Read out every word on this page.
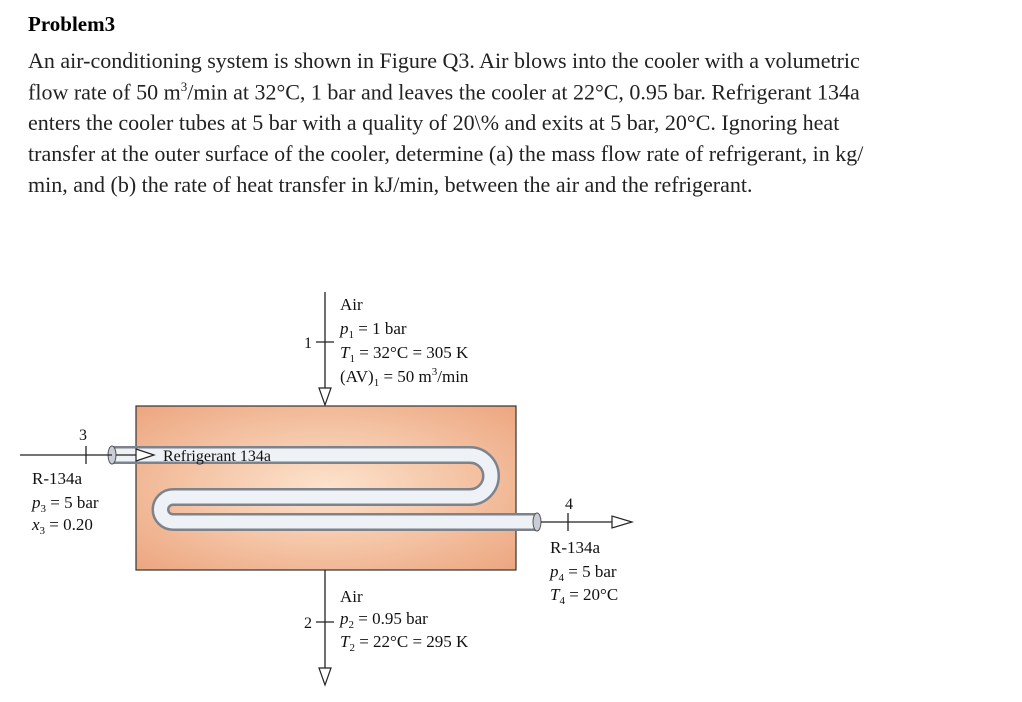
Problem3
An air-conditioning system is shown in Figure Q3. Air blows into the cooler with a volumetric
flow rate of 50 $m^3/\min$ at 32°C, 1 bar and leaves the cooler at 22°C, 0.95 bar. Refrigerant 134a
enters the cooler tubes at 5 bar with a quality of 20\% and exits at 5 bar, 20°C. Ignoring heat
transfer at the outer surface of the cooler, determine (a) the mass flow rate of refrigerant, in kg/
min, and (b) the rate of heat transfer in kJ/min, between the air and the refrigerant.
Refrigerant 134a
1
Air
$p_1 = 1$ bar
$T_1 = 32^\circ C = 305$ K
$(AV)_1 = 50$ $m^3/\min$
3
R-134a
$p_3 = 5$ bar
$x_3 = 0.20$
4
R-134a
$p_4 = 5$ bar
$T_4 = 20^\circ C$
2
Air
$p_2 = 0.95$ bar
$T_2 = 22^\circ C = 295$ K
